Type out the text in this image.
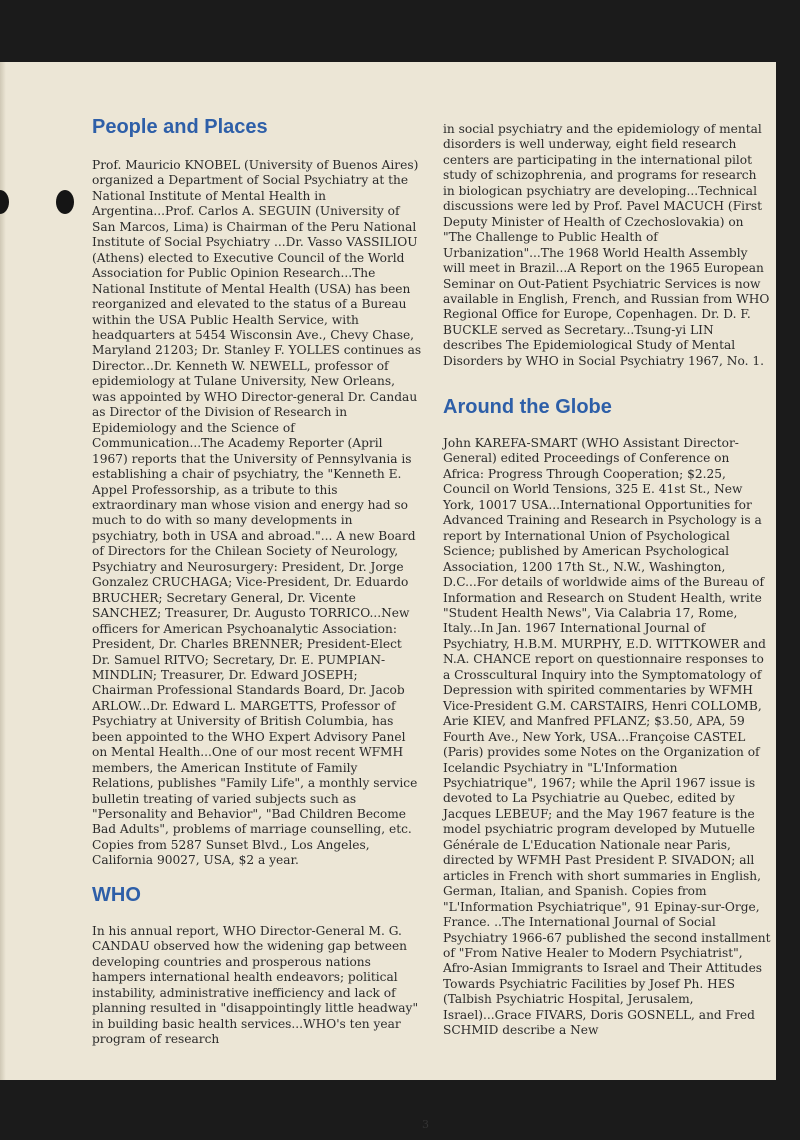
People and Places

Prof. Mauricio KNOBEL (University of Buenos Aires) organized a Department of Social Psychiatry at the National Institute of Mental Health in Argentina...Prof. Carlos A. SEGUIN (University of San Marcos, Lima) is Chairman of the Peru National Institute of Social Psychiatry ...Dr. Vasso VASSILIOU (Athens) elected to Executive Council of the World Association for Public Opinion Research...The National Institute of Mental Health (USA) has been reorganized and elevated to the status of a Bureau within the USA Public Health Service, with headquarters at 5454 Wisconsin Ave., Chevy Chase, Maryland 21203; Dr. Stanley F. YOLLES continues as Director...Dr. Kenneth W. NEWELL, professor of epidemiology at Tulane University, New Orleans, was appointed by WHO Director-general Dr. Candau as Director of the Division of Research in Epidemiology and the Science of Communication...The Academy Reporter (April 1967) reports that the University of Pennsylvania is establishing a chair of psychiatry, the "Kenneth E. Appel Professorship, as a tribute to this extraordinary man whose vision and energy had so much to do with so many developments in psychiatry, both in USA and abroad."... A new Board of Directors for the Chilean Society of Neurology, Psychiatry and Neurosurgery: President, Dr. Jorge Gonzalez CRUCHAGA; Vice-President, Dr. Eduardo BRUCHER; Secretary General, Dr. Vicente SANCHEZ; Treasurer, Dr. Augusto TORRICO...New officers for American Psychoanalytic Association: President, Dr. Charles BRENNER; President-Elect Dr. Samuel RITVO; Secretary, Dr. E. PUMPIAN-MINDLIN; Treasurer, Dr. Edward JOSEPH; Chairman Professional Standards Board, Dr. Jacob ARLOW...Dr. Edward L. MARGETTS, Professor of Psychiatry at University of British Columbia, has been appointed to the WHO Expert Advisory Panel on Mental Health...One of our most recent WFMH members, the American Institute of Family Relations, publishes "Family Life", a monthly service bulletin treating of varied subjects such as "Personality and Behavior", "Bad Children Become Bad Adults", problems of marriage counselling, etc. Copies from 5287 Sunset Blvd., Los Angeles, California 90027, USA, $2 a year.

WHO

In his annual report, WHO Director-General M. G. CANDAU observed how the widening gap between developing countries and prosperous nations hampers international health endeavors; political instability, administrative inefficiency and lack of planning resulted in "disappointingly little headway" in building basic health services...WHO's ten year program of research

in social psychiatry and the epidemiology of mental disorders is well underway, eight field research centers are participating in the international pilot study of schizophrenia, and programs for research in biologican psychiatry are developing...Technical discussions were led by Prof. Pavel MACUCH (First Deputy Minister of Health of Czechoslovakia) on "The Challenge to Public Health of Urbanization"...The 1968 World Health Assembly will meet in Brazil...A Report on the 1965 European Seminar on Out-Patient Psychiatric Services is now available in English, French, and Russian from WHO Regional Office for Europe, Copenhagen. Dr. D. F. BUCKLE served as Secretary...Tsung-yi LIN describes The Epidemiological Study of Mental Disorders by WHO in Social Psychiatry 1967, No. 1.

Around the Globe

John KAREFA-SMART (WHO Assistant Director-General) edited Proceedings of Conference on Africa: Progress Through Cooperation; $2.25, Council on World Tensions, 325 E. 41st St., New York, 10017 USA...International Opportunities for Advanced Training and Research in Psychology is a report by International Union of Psychological Science; published by American Psychological Association, 1200 17th St., N.W., Washington, D.C...For details of worldwide aims of the Bureau of Information and Research on Student Health, write "Student Health News", Via Calabria 17, Rome, Italy...In Jan. 1967 International Journal of Psychiatry, H.B.M. MURPHY, E.D. WITTKOWER and N.A. CHANCE report on questionnaire responses to a Crosscultural Inquiry into the Symptomatology of Depression with spirited commentaries by WFMH Vice-President G.M. CARSTAIRS, Henri COLLOMB, Arie KIEV, and Manfred PFLANZ; $3.50, APA, 59 Fourth Ave., New York, USA...Françoise CASTEL (Paris) provides some Notes on the Organization of Icelandic Psychiatry in "L'Information Psychiatrique", 1967; while the April 1967 issue is devoted to La Psychiatrie au Quebec, edited by Jacques LEBEUF; and the May 1967 feature is the model psychiatric program developed by Mutuelle Générale de L'Education Nationale near Paris, directed by WFMH Past President P. SIVADON; all articles in French with short summaries in English, German, Italian, and Spanish. Copies from "L'Information Psychiatrique", 91 Epinay-sur-Orge, France. ..The International Journal of Social Psychiatry 1966-67 published the second installment of "From Native Healer to Modern Psychiatrist", Afro-Asian Immigrants to Israel and Their Attitudes Towards Psychiatric Facilities by Josef Ph. HES (Talbish Psychiatric Hospital, Jerusalem, Israel)...Grace FIVARS, Doris GOSNELL, and Fred SCHMID describe a New

3
